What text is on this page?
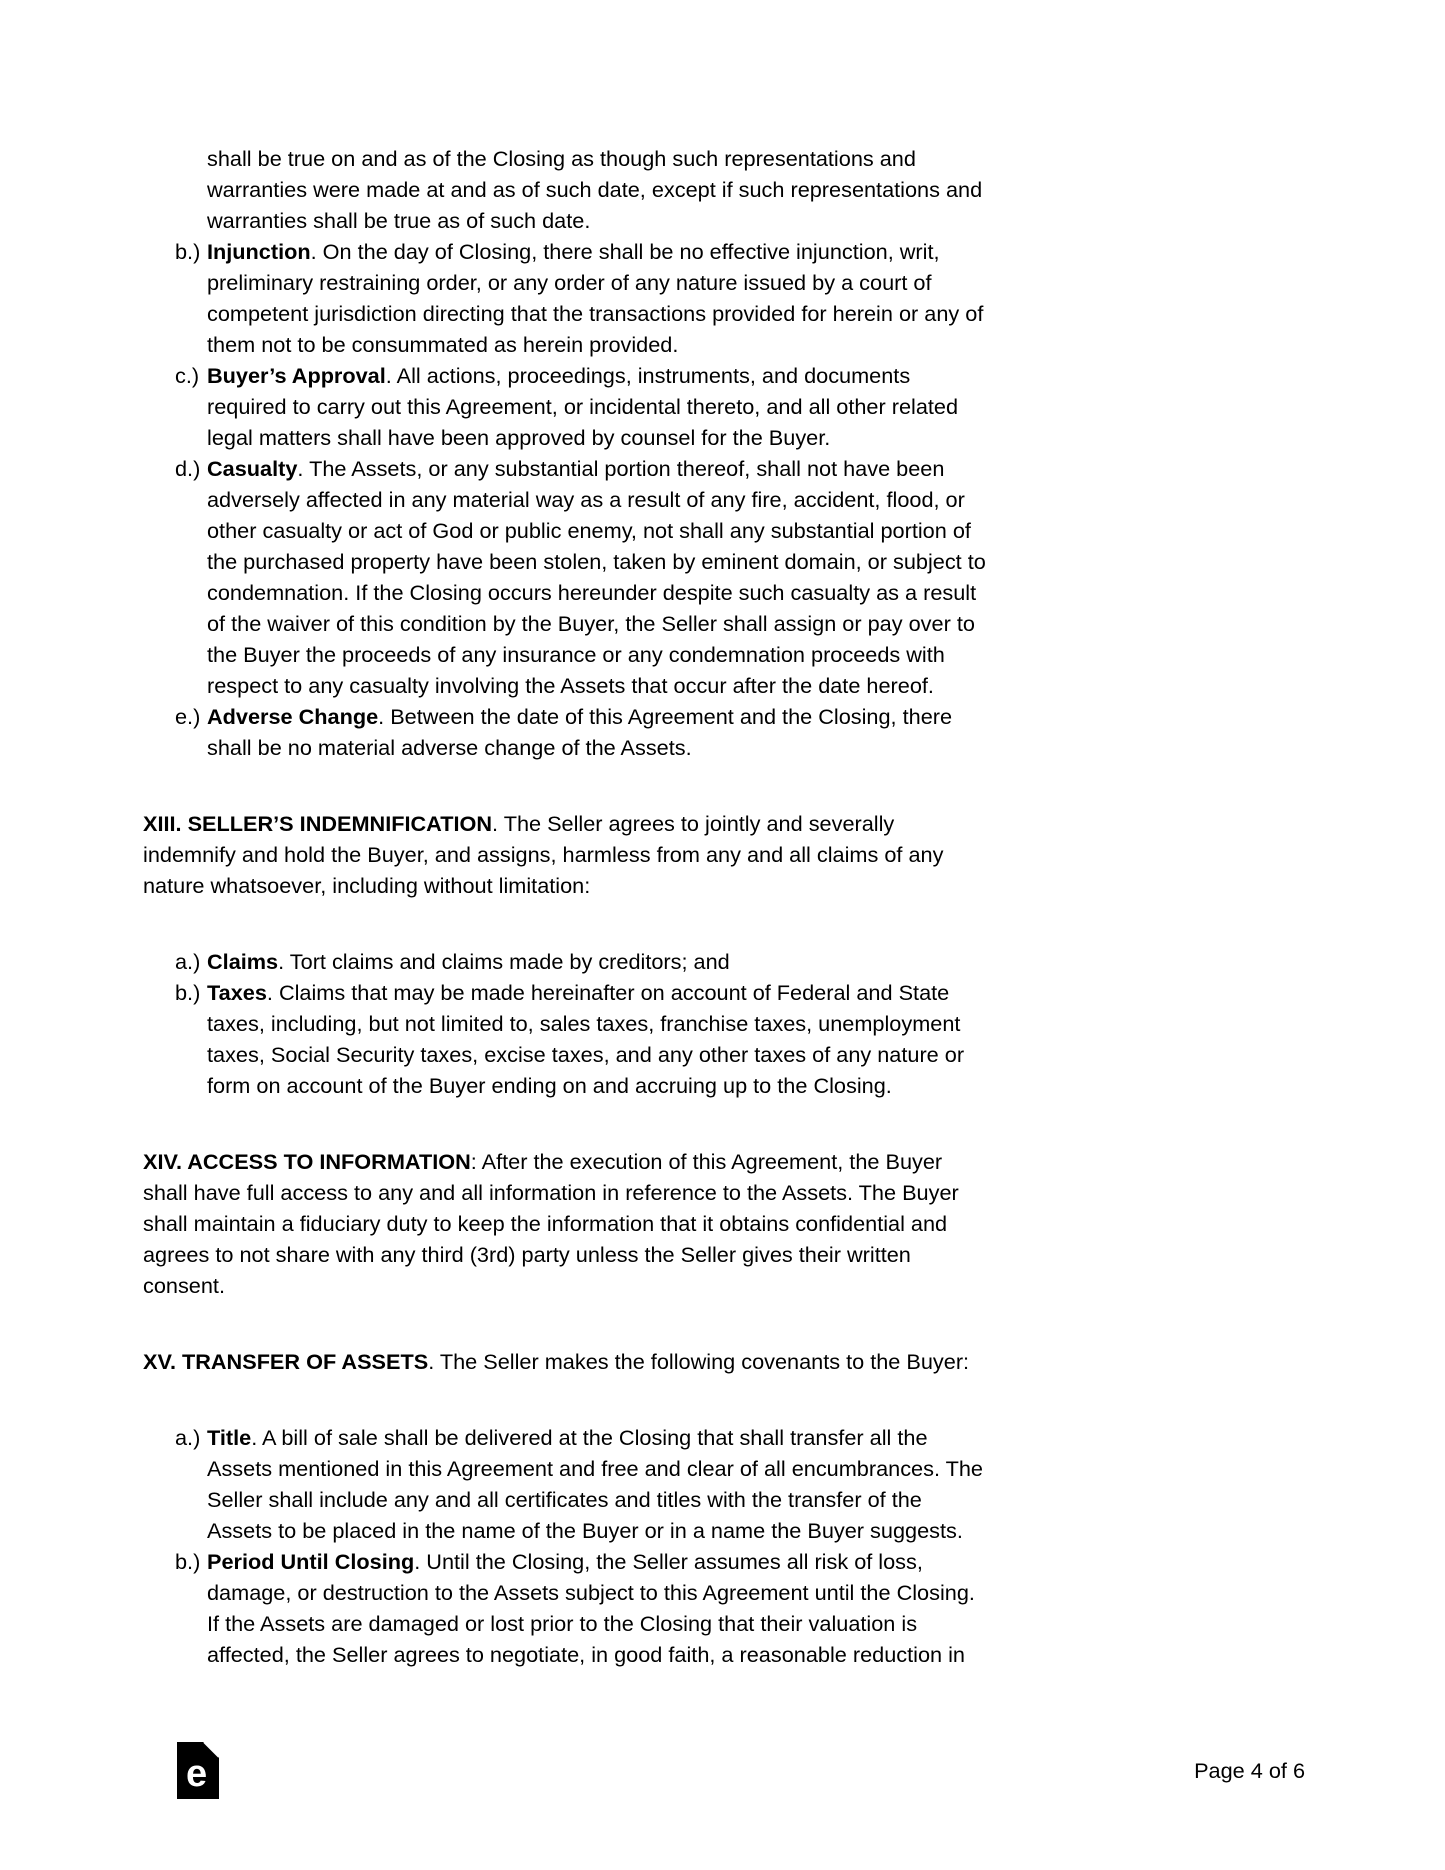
shall be true on and as of the Closing as though such representations and
warranties were made at and as of such date, except if such representations and
warranties shall be true as of such date.
b.) Injunction. On the day of Closing, there shall be no effective injunction, writ,
preliminary restraining order, or any order of any nature issued by a court of
competent jurisdiction directing that the transactions provided for herein or any of
them not to be consummated as herein provided.
c.) Buyer’s Approval. All actions, proceedings, instruments, and documents
required to carry out this Agreement, or incidental thereto, and all other related
legal matters shall have been approved by counsel for the Buyer.
d.) Casualty. The Assets, or any substantial portion thereof, shall not have been
adversely affected in any material way as a result of any fire, accident, flood, or
other casualty or act of God or public enemy, not shall any substantial portion of
the purchased property have been stolen, taken by eminent domain, or subject to
condemnation. If the Closing occurs hereunder despite such casualty as a result
of the waiver of this condition by the Buyer, the Seller shall assign or pay over to
the Buyer the proceeds of any insurance or any condemnation proceeds with
respect to any casualty involving the Assets that occur after the date hereof.
e.) Adverse Change. Between the date of this Agreement and the Closing, there
shall be no material adverse change of the Assets.
XIII. SELLER’S INDEMNIFICATION. The Seller agrees to jointly and severally
indemnify and hold the Buyer, and assigns, harmless from any and all claims of any
nature whatsoever, including without limitation:
a.) Claims. Tort claims and claims made by creditors; and
b.) Taxes. Claims that may be made hereinafter on account of Federal and State
taxes, including, but not limited to, sales taxes, franchise taxes, unemployment
taxes, Social Security taxes, excise taxes, and any other taxes of any nature or
form on account of the Buyer ending on and accruing up to the Closing.
XIV. ACCESS TO INFORMATION: After the execution of this Agreement, the Buyer
shall have full access to any and all information in reference to the Assets. The Buyer
shall maintain a fiduciary duty to keep the information that it obtains confidential and
agrees to not share with any third (3rd) party unless the Seller gives their written
consent.
XV. TRANSFER OF ASSETS. The Seller makes the following covenants to the Buyer:
a.) Title. A bill of sale shall be delivered at the Closing that shall transfer all the
Assets mentioned in this Agreement and free and clear of all encumbrances. The
Seller shall include any and all certificates and titles with the transfer of the
Assets to be placed in the name of the Buyer or in a name the Buyer suggests.
b.) Period Until Closing. Until the Closing, the Seller assumes all risk of loss,
damage, or destruction to the Assets subject to this Agreement until the Closing.
If the Assets are damaged or lost prior to the Closing that their valuation is
affected, the Seller agrees to negotiate, in good faith, a reasonable reduction in
e	Page 4 of 6
